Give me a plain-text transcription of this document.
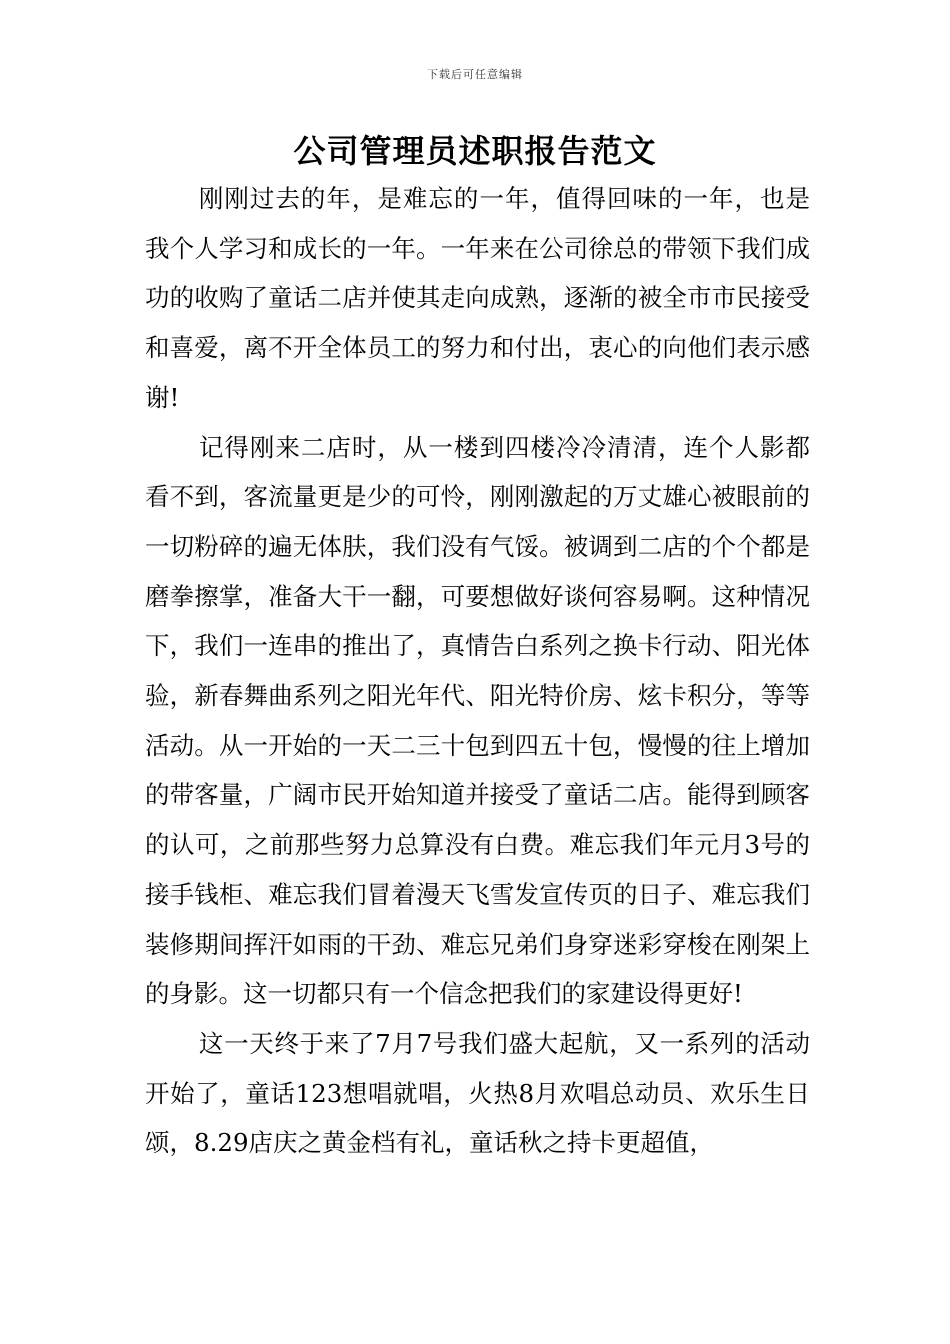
下载后可任意编辑
公司管理员述职报告范文

刚刚过去的年，是难忘的一年，值得回味的一年，也是我个人学习和成长的一年。一年来在公司徐总的带领下我们成功的收购了童话二店并使其走向成熟，逐渐的被全市市民接受和喜爱，离不开全体员工的努力和付出，衷心的向他们表示感谢!

记得刚来二店时，从一楼到四楼冷冷清清，连个人影都看不到，客流量更是少的可怜，刚刚激起的万丈雄心被眼前的一切粉碎的遍无体肤，我们没有气馁。被调到二店的个个都是磨拳擦掌，准备大干一翻，可要想做好谈何容易啊。这种情况下，我们一连串的推出了，真情告白系列之换卡行动、阳光体验，新春舞曲系列之阳光年代、阳光特价房、炫卡积分，等等活动。从一开始的一天二三十包到四五十包，慢慢的往上增加的带客量，广阔市民开始知道并接受了童话二店。能得到顾客的认可，之前那些努力总算没有白费。难忘我们年元月3号的接手钱柜、难忘我们冒着漫天飞雪发宣传页的日子、难忘我们装修期间挥汗如雨的干劲、难忘兄弟们身穿迷彩穿梭在刚架上的身影。这一切都只有一个信念把我们的家建设得更好!

这一天终于来了7月7号我们盛大起航，又一系列的活动开始了，童话123想唱就唱，火热8月欢唱总动员、欢乐生日颂，8.29店庆之黄金档有礼，童话秋之持卡更超值，
